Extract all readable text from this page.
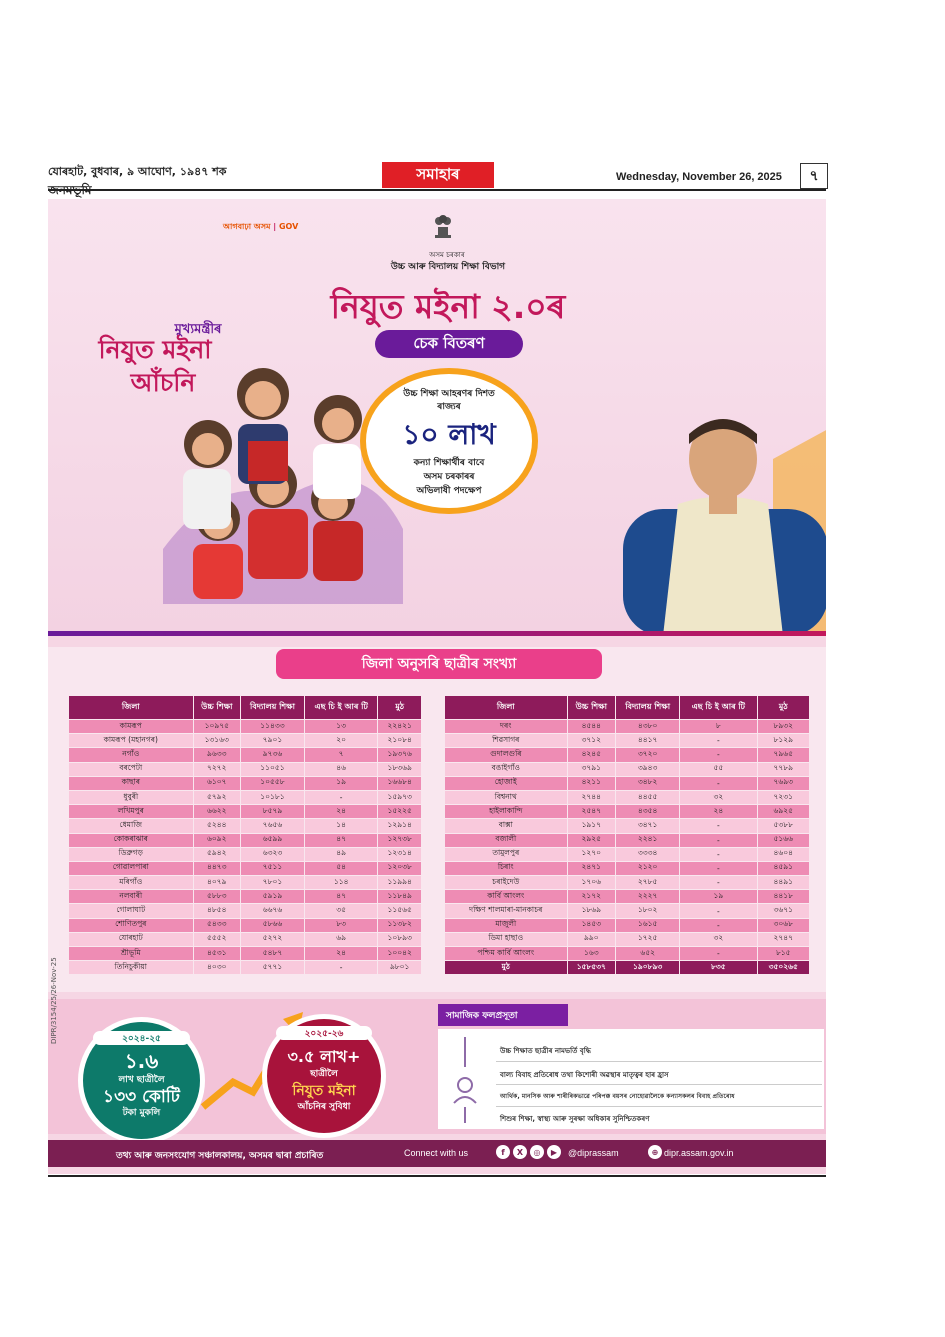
যোৰহাট, বুধবাৰ, ৯ আঘোণ, ১৯৪৭ শক	সমাহাৰ	Wednesday, November 26, 2025	৭
আগবাঢ়া অসম | GOV
অসম চৰকাৰ
উচ্চ আৰু বিদ্যালয় শিক্ষা বিভাগ
নিযুত মইনা ২.০ৰ
চেক বিতৰণ
উচ্চ শিক্ষা আহৰণৰ দিশত
ৰাজ্যৰ
১০ লাখ
কন্যা শিক্ষাৰ্থীৰ বাবে
অসম চৰকাৰৰ
অভিলাষী পদক্ষেপ
মুখ্যমন্ত্ৰীৰ
নিযুত মইনা
আঁচনি
জিলা অনুসৰি ছাত্ৰীৰ সংখ্যা
জিলা	উচ্চ শিক্ষা	বিদ্যালয় শিক্ষা	এছ চি ই আৰ টি	মুঠ
কামৰূপ	১০৯৭৫	১১৪৩৩	১৩	২২৪২১
কামৰূপ (মহানগৰ)	১৩১৬৩	৭৯০১	২০	২১০৮৪
নগাঁও	৯৬৩৩	৯৭৩৬	৭	১৯৩৭৬
বৰপেটা	৭২৭২	১১০৫১	৪৬	১৮৩৬৯
কাছাৰ	৬১০৭	১০৫৫৮	১৯	১৬৬৮৪
ধুবুৰী	৫৭৯২	১০১৮১	-	১৫৯৭৩
লখিমপুৰ	৬৬২২	৮৫৭৯	২৪	১৫২২৫
ধেমাজি	৫২৪৪	৭৬৫৬	১৪	১২৯১৪
কোকৰাঝাৰ	৬০৯২	৬৫৯৯	৪৭	১২৭৩৮
ডিব্ৰুগড়	৫৯৪২	৬৩২৩	৪৯	১২৩১৪
গোৱালপাৰা	৪৪৭৩	৭৫১১	৫৪	১২০৩৮
মৰিগাঁও	৪০৭৯	৭৮০১	১১৪	১১৯৯৪
নলবাৰী	৫৮৮৩	৫৯১৯	৪৭	১১৮৪৯
গোলাঘাট	৪৮৫৪	৬৬৭৬	৩৫	১১৫৬৫
শোণিতপুৰ	৫৪৩৩	৫৮৬৬	৮৩	১১৩৮২
যোৰহাট	৫৫৫২	৫২৭২	৬৯	১০৮৯৩
শ্ৰীভূমি	৪৫৩১	৫৪৮৭	২৪	১০০৪২
তিনিচুকীয়া	৪০৩০	৫৭৭১	-	৯৮০১
জিলা	উচ্চ শিক্ষা	বিদ্যালয় শিক্ষা	এছ চি ই আৰ টি	মুঠ
দৰং	৪৫৪৪	৪৩৮০	৮	৮৯৩২
শিৱসাগৰ	৩৭১২	৪৪১৭	-	৮১২৯
গুদালগুৰি	৪২৪৫	৩৭২০	-	৭৯৬৫
বঙাইগাঁও	৩৭৯১	৩৯৪৩	৫৫	৭৭৮৯
হোজাই	৪২১১	৩৪৮২	-	৭৬৯৩
বিশ্বনাথ	২৭৪৪	৪৪৫৫	৩২	৭২৩১
হাইলাকান্দি	২৫৪৭	৪৩৫৪	২৪	৬৯২৫
বাক্সা	১৯১৭	৩৪৭১	-	৫৩৮৮
বজালী	২৯২৫	২২৪১	-	৫১৬৬
তামুলপুৰ	১২৭০	৩৩৩৪	-	৪৬০৪
চিৰাং	২৪৭১	২১২০	-	৪৫৯১
চৰাইদেউ	১৭০৬	২৭৮৫	-	৪৪৯১
কাৰ্বি আংলং	২১৭২	২২২৭	১৯	৪৪১৮
দক্ষিণ শালমাৰা-মানকাচৰ	১৮৬৯	১৮০২	-	৩৬৭১
মাজুলী	১৪৫৩	১৬১৫	-	৩০৬৮
ডিমা হাছাও	৯৯০	১৭২৫	৩২	২৭৪৭
পশ্চিম কাৰ্বি আংলং	১৬৩	৬৫২	-	৮১৫
মুঠ	১৫৮৫৩৭	১৯০৮৯৩	৮৩৫	৩৫০২৬৫
২০২৪-২৫
১.৬
লাখ ছাত্ৰীলৈ
১৩৩ কোটি
টকা মুকলি
২০২৫-২৬
৩.৫ লাখ+
ছাত্ৰীলৈ
নিযুত মইনা
আঁচনিৰ সুবিধা
সামাজিক ফলপ্ৰসূতা
উচ্চ শিক্ষাত ছাত্ৰীৰ নামভৰ্তি বৃদ্ধি
বাল্য বিবাহ প্ৰতিৰোধ তথা কিশোৰী অৱস্থাৰ মাতৃত্বৰ হাৰ হ্ৰাস
আৰ্থিক, মানসিক আৰু শাৰীৰিকভাৱে পৰিপক্ক বয়সৰ নোহোৱালৈকে কন্যাসকলৰ বিবাহ প্ৰতিৰোধ
শিশুৰ শিক্ষা, স্বাস্থ্য আৰু সুৰক্ষা অধিকাৰ সুনিশ্চিতকৰণ
তথ্য আৰু জনসংযোগ সঞ্চালকালয়, অসমৰ দ্বাৰা প্ৰচাৰিত	Connect with us	f	X	◎	▶	@diprassam	⊕ dipr.assam.gov.in
DIPR/3154/25/26-Nov-25
